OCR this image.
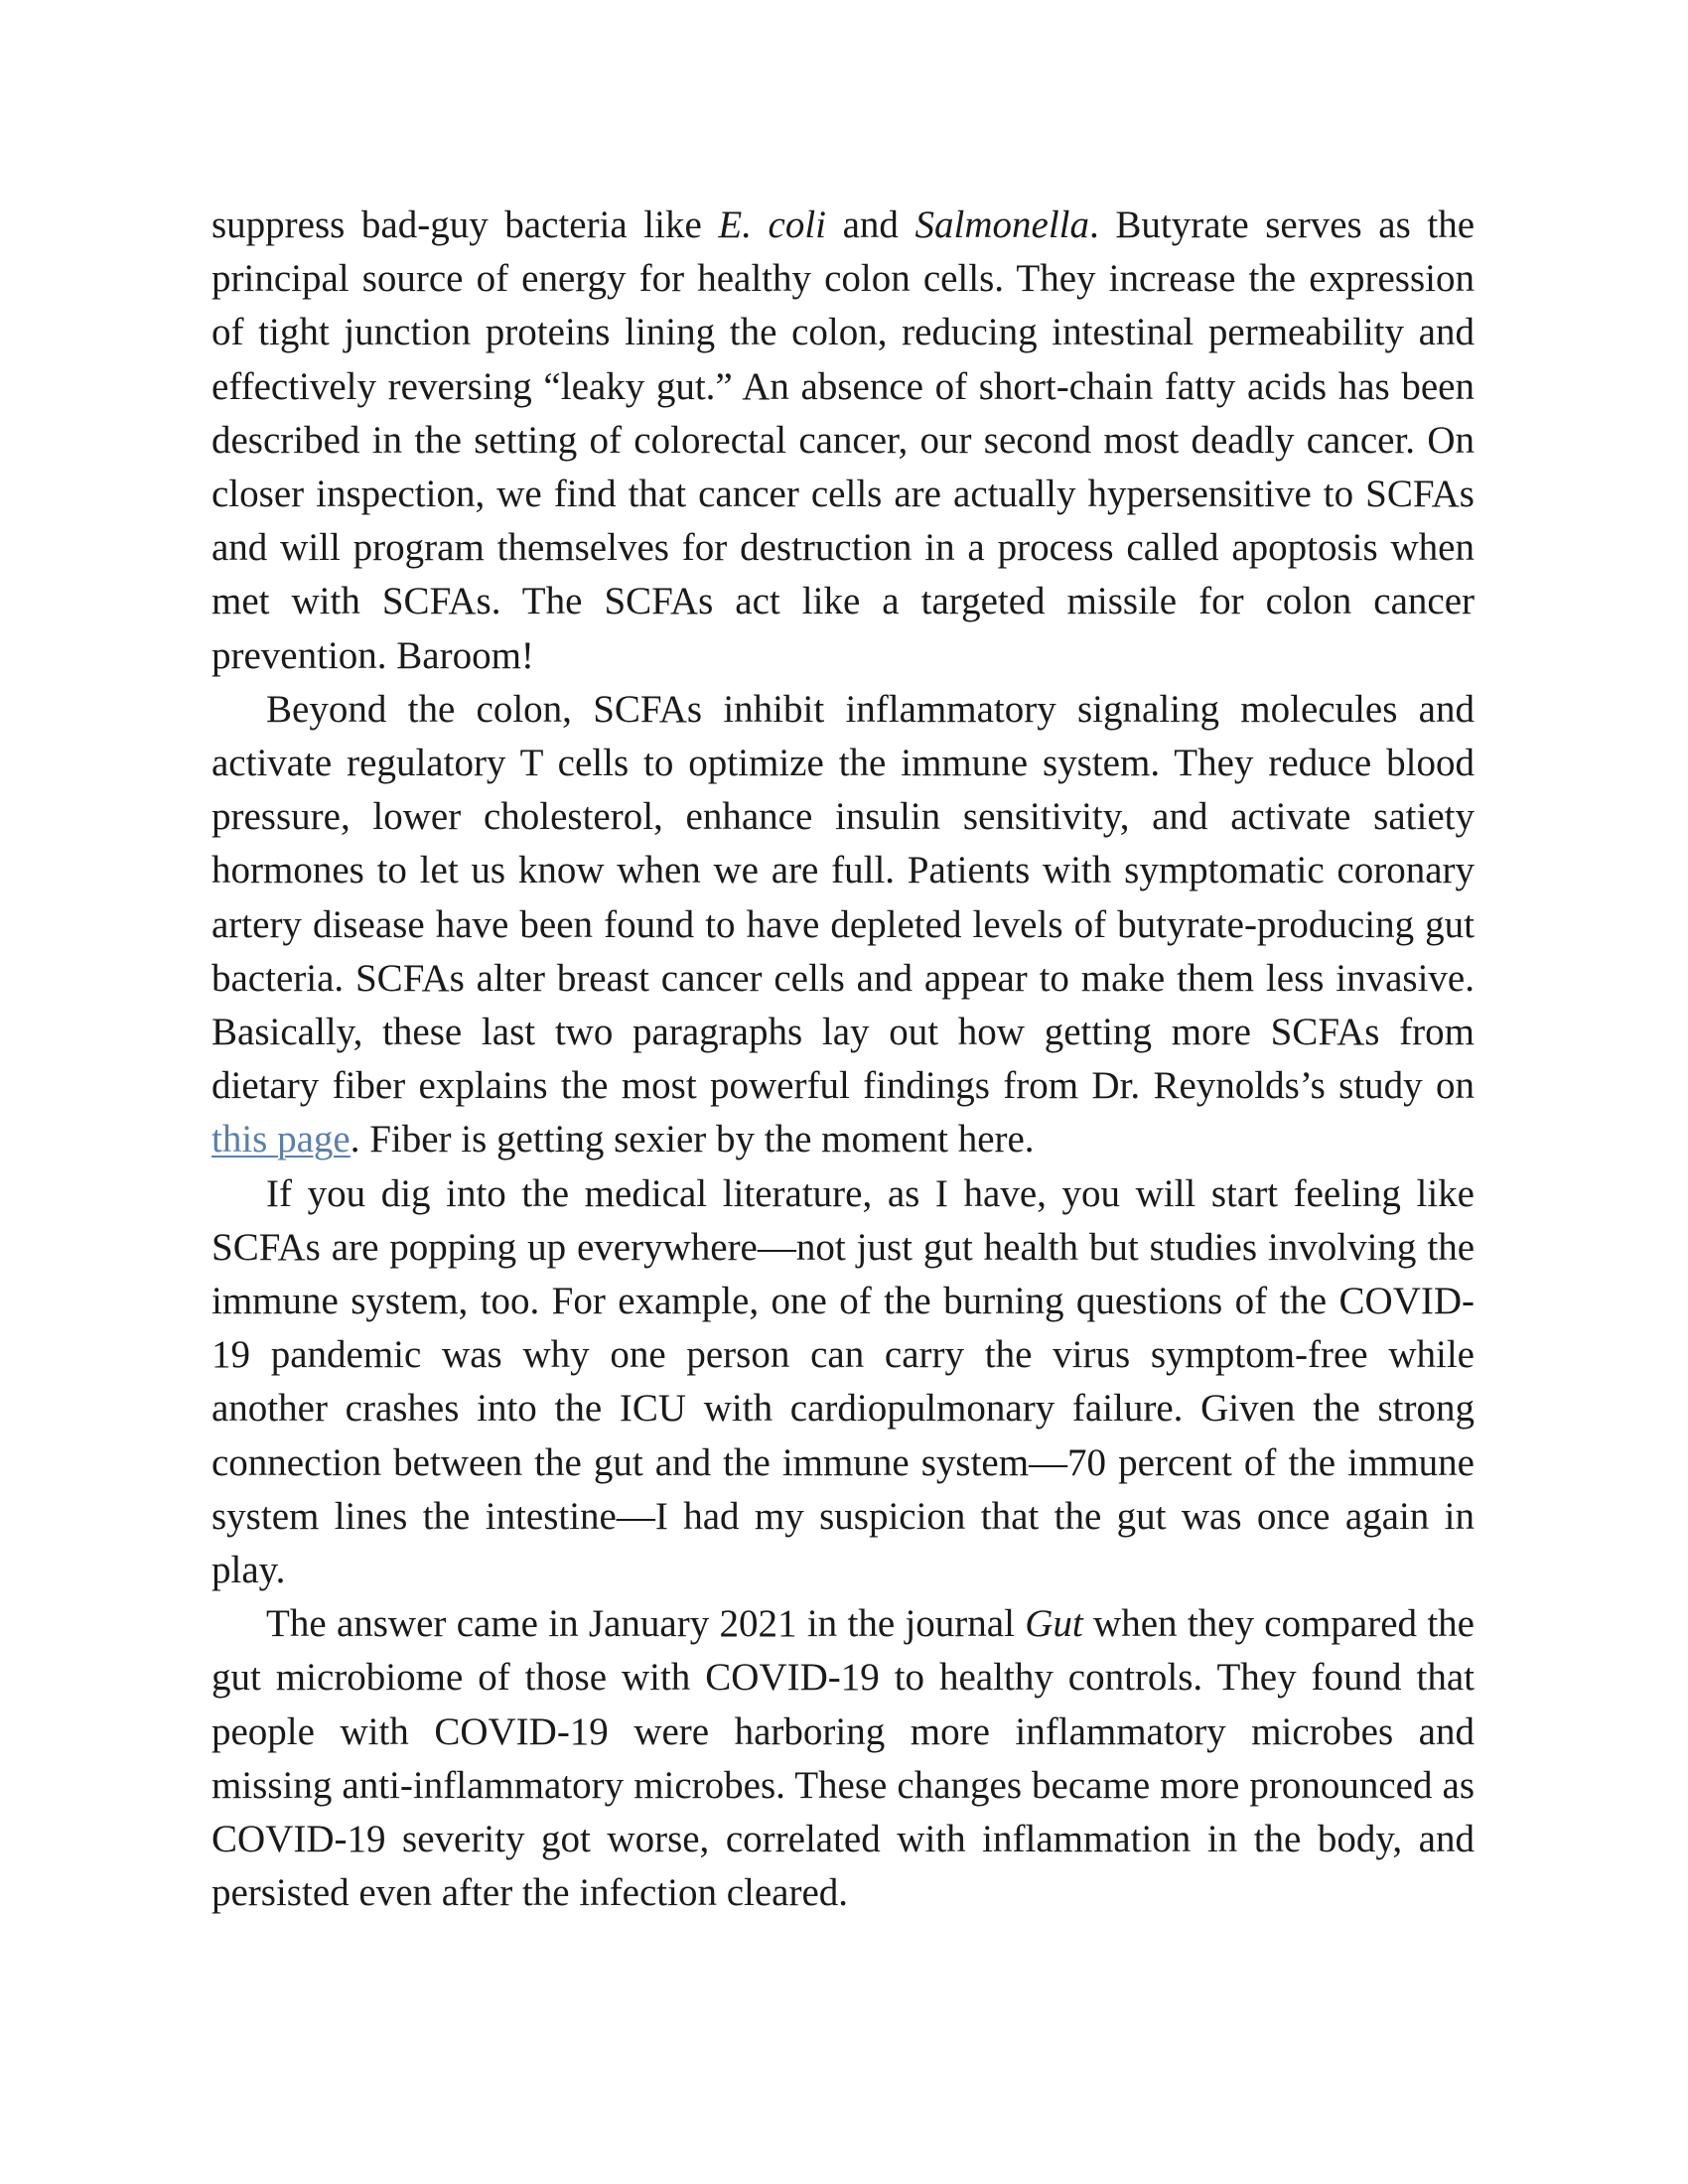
suppress bad-guy bacteria like E. coli and Salmonella. Butyrate serves as the principal source of energy for healthy colon cells. They increase the expression of tight junction proteins lining the colon, reducing intestinal permeability and effectively reversing “leaky gut.” An absence of short-chain fatty acids has been described in the setting of colorectal cancer, our second most deadly cancer. On closer inspection, we find that cancer cells are actually hypersensitive to SCFAs and will program themselves for destruction in a process called apoptosis when met with SCFAs. The SCFAs act like a targeted missile for colon cancer prevention. Baroom!

Beyond the colon, SCFAs inhibit inflammatory signaling molecules and activate regulatory T cells to optimize the immune system. They reduce blood pressure, lower cholesterol, enhance insulin sensitivity, and activate satiety hormones to let us know when we are full. Patients with symptomatic coronary artery disease have been found to have depleted levels of butyrate-producing gut bacteria. SCFAs alter breast cancer cells and appear to make them less invasive. Basically, these last two paragraphs lay out how getting more SCFAs from dietary fiber explains the most powerful findings from Dr. Reynolds’s study on this page. Fiber is getting sexier by the moment here.

If you dig into the medical literature, as I have, you will start feeling like SCFAs are popping up everywhere—not just gut health but studies involving the immune system, too. For example, one of the burning questions of the COVID-19 pandemic was why one person can carry the virus symptom-free while another crashes into the ICU with cardiopulmonary failure. Given the strong connection between the gut and the immune system—70 percent of the immune system lines the intestine—I had my suspicion that the gut was once again in play.

The answer came in January 2021 in the journal Gut when they compared the gut microbiome of those with COVID-19 to healthy controls. They found that people with COVID-19 were harboring more inflammatory microbes and missing anti-inflammatory microbes. These changes became more pronounced as COVID-19 severity got worse, correlated with inflammation in the body, and persisted even after the infection cleared.
